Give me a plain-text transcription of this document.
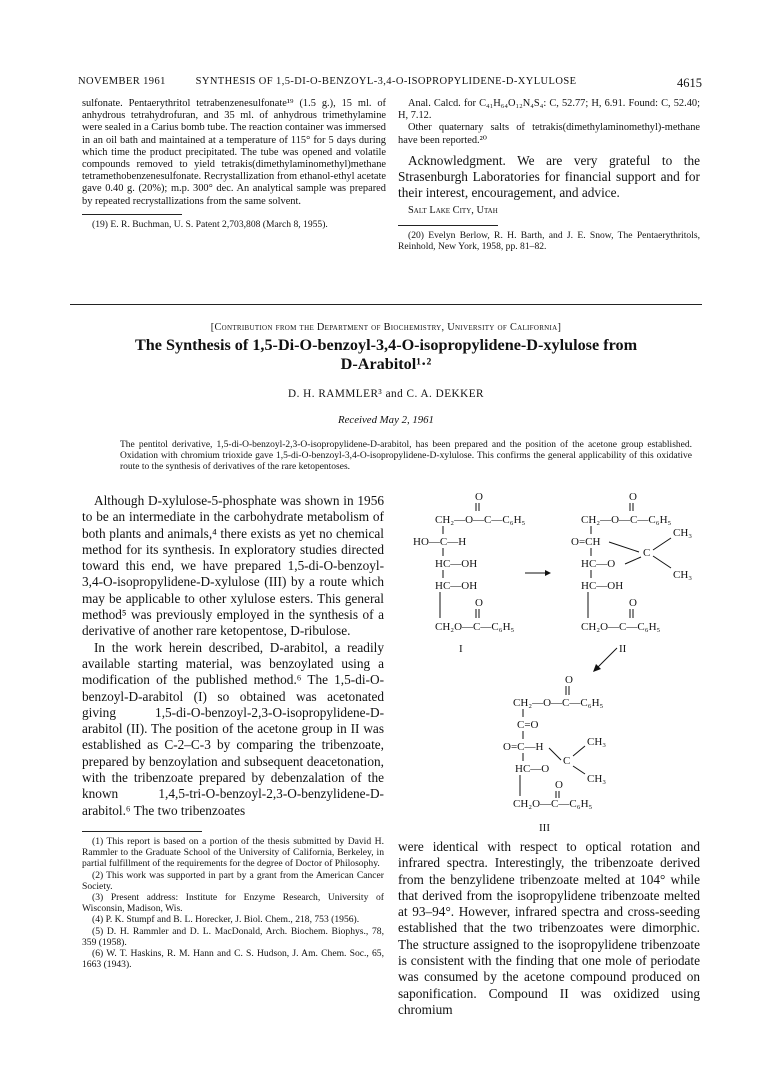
NOVEMBER 1961	SYNTHESIS OF 1,5-DI-O-BENZOYL-3,4-O-ISOPROPYLIDENE-D-XYLULOSE	4615

sulfonate. Pentaerythritol tetrabenzenesulfonate¹⁹ (1.5 g.), 15 ml. of anhydrous tetrahydrofuran, and 35 ml. of anhydrous trimethylamine were sealed in a Carius bomb tube. The reaction container was immersed in an oil bath and maintained at a temperature of 115° for 5 days during which time the product precipitated. The tube was opened and volatile compounds removed to yield tetrakis(dimethylaminomethyl)methane tetramethobenzenesulfonate. Recrystallization from ethanol-ethyl acetate gave 0.40 g. (20%); m.p. 300° dec. An analytical sample was prepared by repeated recrystallizations from the same solvent.

(19) E. R. Buchman, U. S. Patent 2,703,808 (March 8, 1955).

Anal. Calcd. for C₄₁H₆₄O₁₂N₄S₄: C, 52.77; H, 6.91. Found: C, 52.40; H, 7.12.

Other quaternary salts of tetrakis(dimethylaminomethyl)-methane have been reported.²⁰

Acknowledgment. We are very grateful to the Strasenburgh Laboratories for financial support and for their interest, encouragement, and advice.

Salt Lake City, Utah

(20) Evelyn Berlow, R. H. Barth, and J. E. Snow, The Pentaerythritols, Reinhold, New York, 1958, pp. 81–82.

[Contribution from the Department of Biochemistry, University of California]
The Synthesis of 1,5-Di-O-benzoyl-3,4-O-isopropylidene-D-xylulose from
D-Arabitol¹·²
D. H. RAMMLER³ and C. A. DEKKER
Received May 2, 1961
The pentitol derivative, 1,5-di-O-benzoyl-2,3-O-isopropylidene-D-arabitol, has been prepared and the position of the acetone group established. Oxidation with chromium trioxide gave 1,5-di-O-benzoyl-3,4-O-isopropylidene-D-xylulose. This confirms the general applicability of this oxidative route to the synthesis of derivatives of the rare ketopentoses.

Although D-xylulose-5-phosphate was shown in 1956 to be an intermediate in the carbohydrate metabolism of both plants and animals,⁴ there exists as yet no chemical method for its synthesis. In exploratory studies directed toward this end, we have prepared 1,5-di-O-benzoyl-3,4-O-isopropylidene-D-xylulose (III) by a route which may be applicable to other xylulose esters. This general method⁵ was previously employed in the synthesis of a derivative of another rare ketopentose, D-ribulose.

In the work herein described, D-arabitol, a readily available starting material, was benzoylated using a modification of the published method.⁶ The 1,5-di-O-benzoyl-D-arabitol (I) so obtained was acetonated giving 1,5-di-O-benzoyl-2,3-O-isopropylidene-D-arabitol (II). The position of the acetone group in II was established as C-2–C-3 by comparing the tribenzoate, prepared by benzoylation and subsequent deacetonation, with the tribenzoate prepared by debenzalation of the known 1,4,5-tri-O-benzoyl-2,3-O-benzylidene-D-arabitol.⁶ The two tribenzoates

O
CH₂—O—C—C₆H₅
HO—C—H
HC—OH
HC—OH
O
CH₂O—C—C₆H₅
I
O
CH₂—O—C—C₆H₅
CH₃
O=CH
C
CH₃
HC—O
HC—OH
O
CH₂O—C—C₆H₅
II
O
CH₂—O—C—C₆H₅
C=O
O=C—H
C
CH₃
CH₃
HC—O
O
CH₂O—C—C₆H₅
III

(1) This report is based on a portion of the thesis submitted by David H. Rammler to the Graduate School of the University of California, Berkeley, in partial fulfillment of the requirements for the degree of Doctor of Philosophy.

(2) This work was supported in part by a grant from the American Cancer Society.

(3) Present address: Institute for Enzyme Research, University of Wisconsin, Madison, Wis.

(4) P. K. Stumpf and B. L. Horecker, J. Biol. Chem., 218, 753 (1956).

(5) D. H. Rammler and D. L. MacDonald, Arch. Biochem. Biophys., 78, 359 (1958).

(6) W. T. Haskins, R. M. Hann and C. S. Hudson, J. Am. Chem. Soc., 65, 1663 (1943).

were identical with respect to optical rotation and infrared spectra. Interestingly, the tribenzoate derived from the benzylidene tribenzoate melted at 104° while that derived from the isopropylidene tribenzoate melted at 93–94°. However, infrared spectra and cross-seeding established that the two tribenzoates were dimorphic. The structure assigned to the isopropylidene tribenzoate is consistent with the finding that one mole of periodate was consumed by the acetone compound produced on saponification. Compound II was oxidized using chromium
